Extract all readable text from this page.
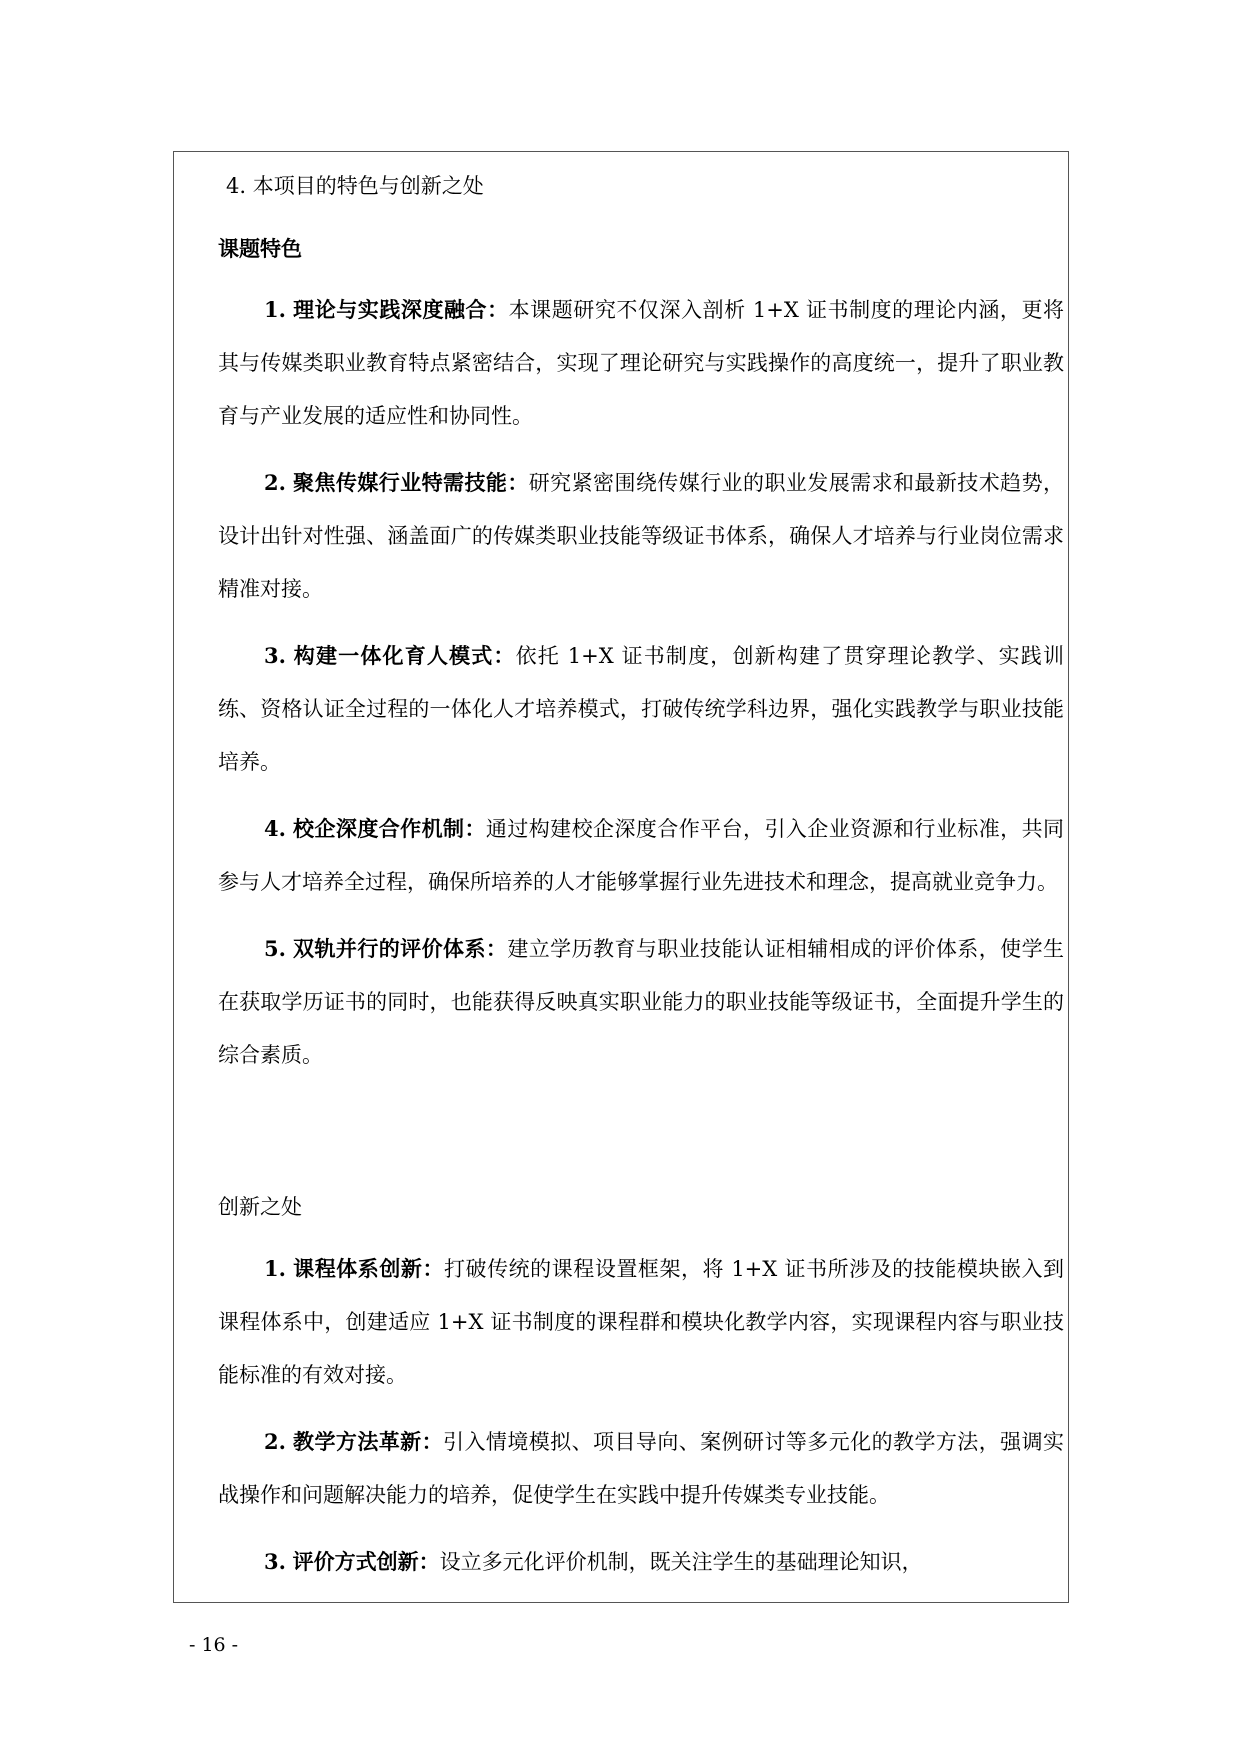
4. 本项目的特色与创新之处
课题特色

1. 理论与实践深度融合：本课题研究不仅深入剖析 1+X 证书制度的理论内涵，更将其与传媒类职业教育特点紧密结合，实现了理论研究与实践操作的高度统一，提升了职业教育与产业发展的适应性和协同性。

2. 聚焦传媒行业特需技能：研究紧密围绕传媒行业的职业发展需求和最新技术趋势，设计出针对性强、涵盖面广的传媒类职业技能等级证书体系，确保人才培养与行业岗位需求精准对接。

3. 构建一体化育人模式：依托 1+X 证书制度，创新构建了贯穿理论教学、实践训练、资格认证全过程的一体化人才培养模式，打破传统学科边界，强化实践教学与职业技能培养。

4. 校企深度合作机制：通过构建校企深度合作平台，引入企业资源和行业标准，共同参与人才培养全过程，确保所培养的人才能够掌握行业先进技术和理念，提高就业竞争力。

5. 双轨并行的评价体系：建立学历教育与职业技能认证相辅相成的评价体系，使学生在获取学历证书的同时，也能获得反映真实职业能力的职业技能等级证书，全面提升学生的综合素质。

创新之处

1. 课程体系创新：打破传统的课程设置框架，将 1+X 证书所涉及的技能模块嵌入到课程体系中，创建适应 1+X 证书制度的课程群和模块化教学内容，实现课程内容与职业技能标准的有效对接。

2. 教学方法革新：引入情境模拟、项目导向、案例研讨等多元化的教学方法，强调实战操作和问题解决能力的培养，促使学生在实践中提升传媒类专业技能。

3. 评价方式创新：设立多元化评价机制，既关注学生的基础理论知识，

- 16 -
